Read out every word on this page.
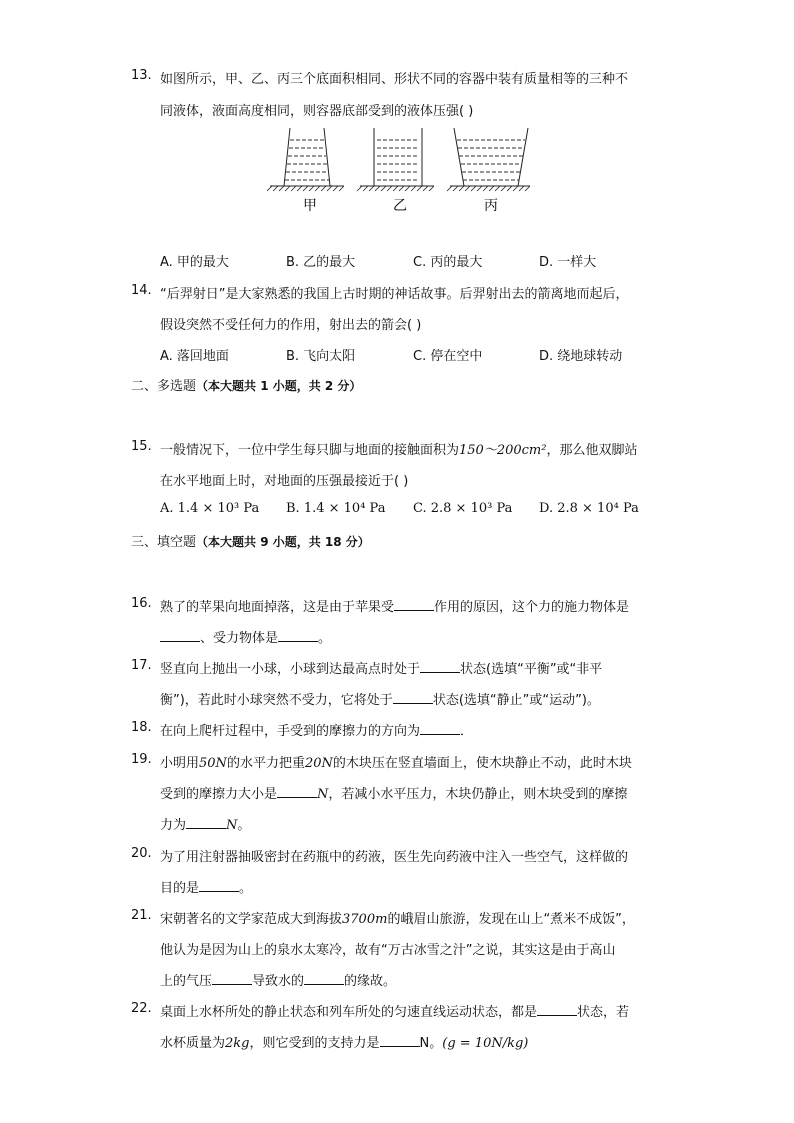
13. 如图所示，甲、乙、丙三个底面积相同、形状不同的容器中装有质量相等的三种不
同液体，液面高度相同，则容器底部受到的液体压强( )
甲	乙	丙
A. 甲的最大	B. 乙的最大	C. 丙的最大	D. 一样大
14. “后羿射日”是大家熟悉的我国上古时期的神话故事。后羿射出去的箭离地而起后，
假设突然不受任何力的作用，射出去的箭会( )
A. 落回地面	B. 飞向太阳	C. 停在空中	D. 绕地球转动
二、多选题（本大题共 1 小题，共 2 分）
15. 一般情况下，一位中学生每只脚与地面的接触面积为150～200cm²，那么他双脚站
在水平地面上时，对地面的压强最接近于( )
A. 1.4 × 10³ Pa B. 1.4 × 10⁴ Pa C. 2.8 × 10³ Pa D. 2.8 × 10⁴ Pa
三、填空题（本大题共 9 小题，共 18 分）
16. 熟了的苹果向地面掉落，这是由于苹果受	作用的原因，这个力的施力物体是
、受力物体是	。
17. 竖直向上抛出一小球，小球到达最高点时处于	状态(选填“平衡”或“非平
衡”)，若此时小球突然不受力，它将处于	状态(选填“静止”或“运动”)。
18. 在向上爬杆过程中，手受到的摩擦力的方向为	．
19. 小明用50N的水平力把重20N的木块压在竖直墙面上，使木块静止不动，此时木块
受到的摩擦力大小是	N，若减小水平压力，木块仍静止，则木块受到的摩擦
力为	N。
20. 为了用注射器抽吸密封在药瓶中的药液，医生先向药液中注入一些空气，这样做的
目的是	。
21. 宋朝著名的文学家范成大到海拔3700m的峨眉山旅游，发现在山上“煮米不成饭”，
他认为是因为山上的泉水太寒冷，故有“万古冰雪之汁”之说，其实这是由于高山
上的气压	导致水的	的缘故。
22. 桌面上水杯所处的静止状态和列车所处的匀速直线运动状态，都是	状态，若
水杯质量为2kg，则它受到的支持力是	N。(g = 10N/kg)
